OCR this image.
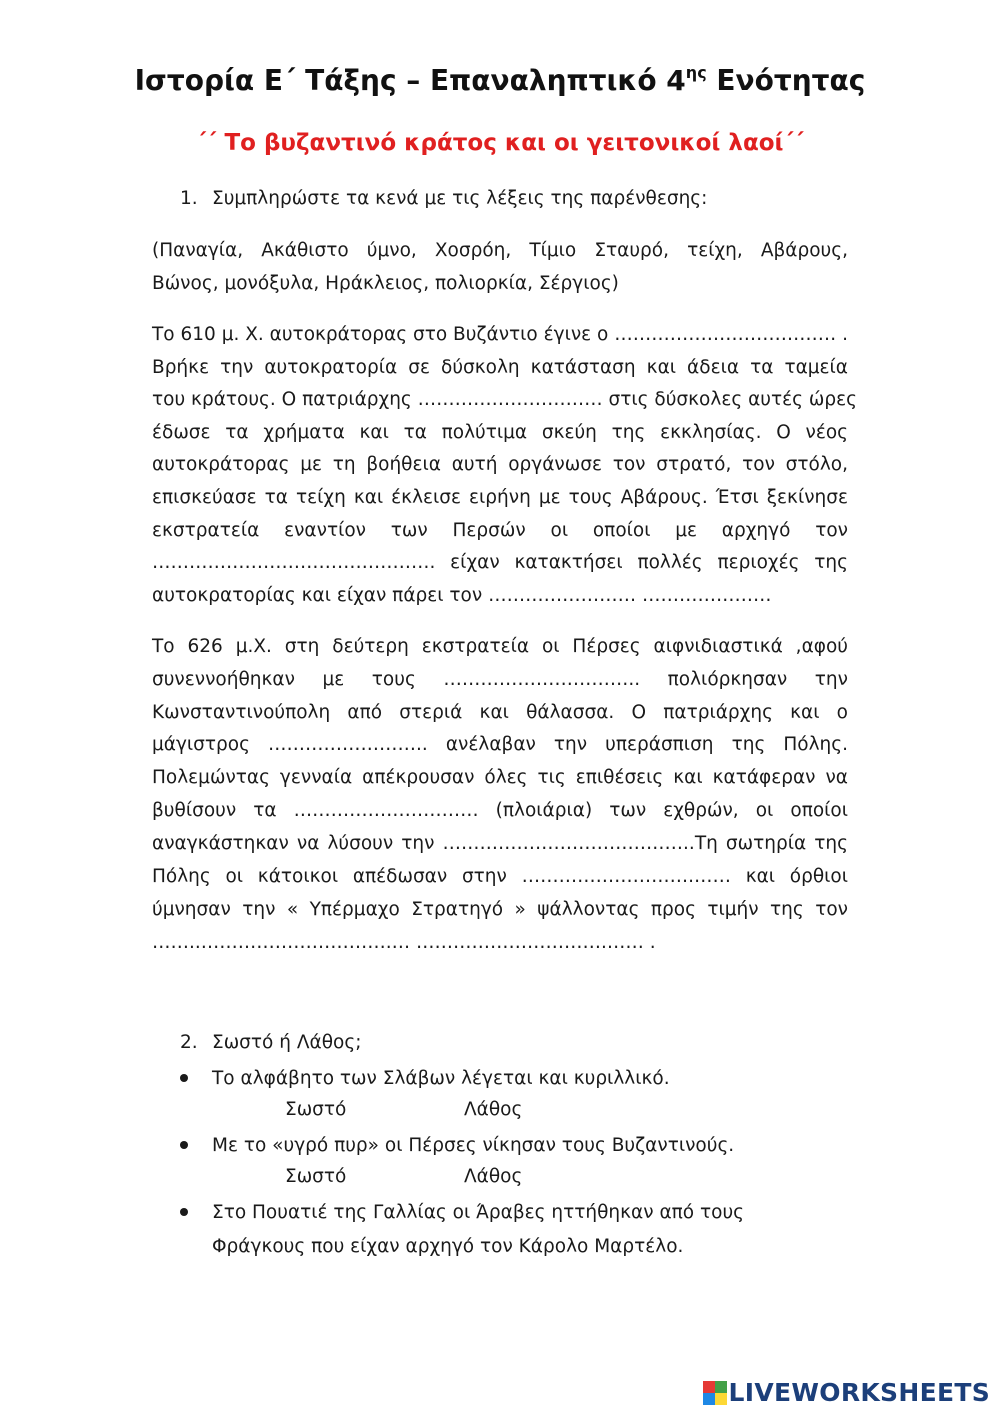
Ιστορία Ε΄ Τάξης – Επαναληπτικό $4^{\eta\varsigma}$ Ενότητας
΄΄ Το βυζαντινό κράτος και οι γειτονικοί λαοί΄΄
1. Συμπληρώστε τα κενά με τις λέξεις της παρένθεσης:
(Παναγία, Ακάθιστο ύμνο, Χοσρόη, Τίμιο Σταυρό, τείχη, Αβάρους,
Βώνος, μονόξυλα, Ηράκλειος, πολιορκία, Σέργιος)
Το 610 μ. Χ. αυτοκράτορας στο Βυζάντιο έγινε ο ……………………………… .
Βρήκε την αυτοκρατορία σε δύσκολη κατάσταση και άδεια τα ταμεία
του κράτους. Ο πατριάρχης ………………………… στις δύσκολες αυτές ώρες
έδωσε τα χρήματα και τα πολύτιμα σκεύη της εκκλησίας. Ο νέος
αυτοκράτορας με τη βοήθεια αυτή οργάνωσε τον στρατό, τον στόλο,
επισκεύασε τα τείχη και έκλεισε ειρήνη με τους Αβάρους. Έτσι ξεκίνησε
εκστρατεία εναντίον των Περσών οι οποίοι με αρχηγό τον
………………………………………. είχαν κατακτήσει πολλές περιοχές της
αυτοκρατορίας και είχαν πάρει τον …………………… …………………
Το 626 μ.Χ. στη δεύτερη εκστρατεία οι Πέρσες αιφνιδιαστικά ,αφού
συνεννοήθηκαν με τους ………………………….. πολιόρκησαν την
Κωνσταντινούπολη από στεριά και θάλασσα. Ο πατριάρχης και ο
μάγιστρος …………………….. ανέλαβαν την υπεράσπιση της Πόλης.
Πολεμώντας γενναία απέκρουσαν όλες τις επιθέσεις και κατάφεραν να
βυθίσουν τα ………………………… (πλοιάρια) των εχθρών, οι οποίοι
αναγκάστηκαν να λύσουν την …………………………………..Τη σωτηρία της
Πόλης οι κάτοικοι απέδωσαν στην ……………………….…… και όρθιοι
ύμνησαν την « Υπέρμαχο Στρατηγό » ψάλλοντας προς τιμήν της τον
……..………………………….… ………………………….…… .
2. Σωστό ή Λάθος;
Το αλφάβητο των Σλάβων λέγεται και κυριλλικό.
Σωστό	Λάθος
Με το «υγρό πυρ» οι Πέρσες νίκησαν τους Βυζαντινούς.
Σωστό	Λάθος
Στο Πουατιέ της Γαλλίας οι Άραβες ηττήθηκαν από τους
Φράγκους που είχαν αρχηγό τον Κάρολο Μαρτέλο.
LIVEWORKSHEETS
